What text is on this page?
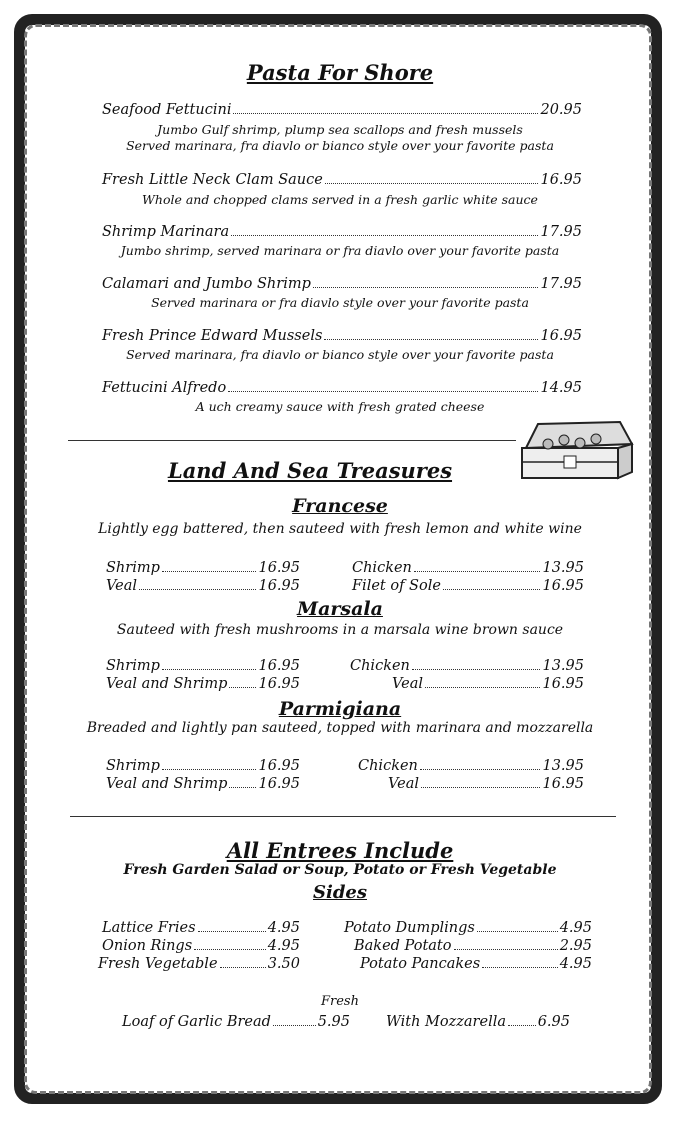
Pasta For Shore
Seafood Fettucini	20.95
Jumbo Gulf shrimp, plump sea scallops and fresh mussels
Served marinara, fra diavlo or bianco style over your favorite pasta
Fresh Little Neck Clam Sauce	16.95
Whole and chopped clams served in a fresh garlic white sauce
Shrimp Marinara	17.95
Jumbo shrimp, served marinara or fra diavlo over your favorite pasta
Calamari and Jumbo Shrimp	17.95
Served marinara or fra diavlo style over your favorite pasta
Fresh Prince Edward Mussels	16.95
Served marinara, fra diavlo or bianco style over your favorite pasta
Fettucini Alfredo	14.95
A uch creamy sauce with fresh grated cheese
Land And Sea Treasures
Francese
Lightly egg battered, then sauteed with fresh lemon and white wine
Shrimp	16.95
Veal	16.95
Chicken	13.95
Filet of Sole	16.95
Marsala
Sauteed with fresh mushrooms in a marsala wine brown sauce
Shrimp	16.95
Veal and Shrimp 16.95
Chicken	13.95
Veal	16.95
Parmigiana
Breaded and lightly pan sauteed, topped with marinara and mozzarella
Shrimp	16.95
Veal and Shrimp 16.95
Chicken	13.95
Veal	16.95
All Entrees Include
Fresh Garden Salad or Soup, Potato or Fresh Vegetable
Sides
Lattice Fries	4.95
Onion Rings	4.95
Fresh Vegetable	3.50
Potato Dumplings	4.95
Baked Potato	2.95
Potato Pancakes	4.95
Fresh
Loaf of Garlic Bread	5.95 With Mozzarella 6.95
